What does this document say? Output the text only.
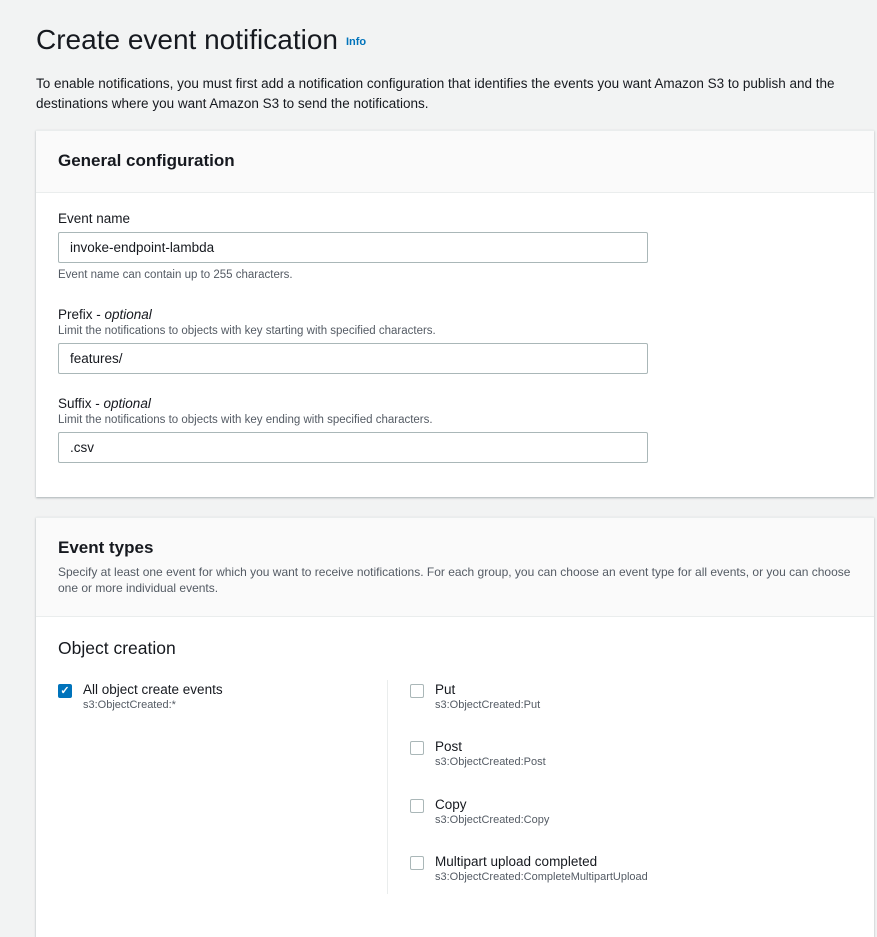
Create event notification Info
To enable notifications, you must first add a notification configuration that identifies the events you want Amazon S3 to publish and the destinations where you want Amazon S3 to send the notifications.
General configuration
Event name
invoke-endpoint-lambda
Event name can contain up to 255 characters.
Prefix - optional
Limit the notifications to objects with key starting with specified characters.
features/
Suffix - optional
Limit the notifications to objects with key ending with specified characters.
.csv
Event types

Specify at least one event for which you want to receive notifications. For each group, you can choose an event type for all events, or you can choose one or more individual events.

Object creation
✓ All object create events
s3:ObjectCreated:*
Put
s3:ObjectCreated:Put
Post
s3:ObjectCreated:Post
Copy
s3:ObjectCreated:Copy
Multipart upload completed
s3:ObjectCreated:CompleteMultipartUpload
